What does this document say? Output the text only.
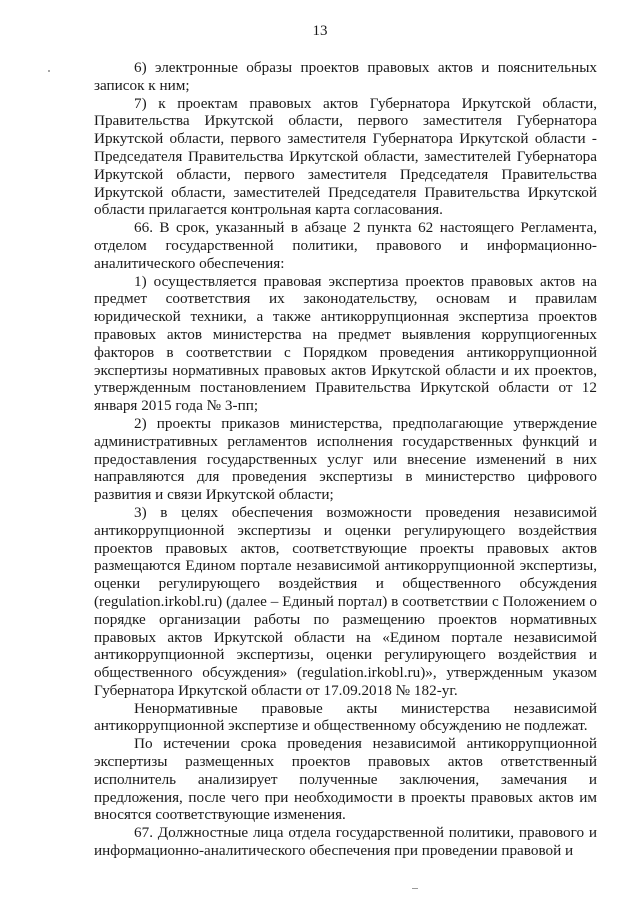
13

6) электронные образы проектов правовых актов и пояснительных записок к ним;

7) к проектам правовых актов Губернатора Иркутской области, Правительства Иркутской области, первого заместителя Губернатора Иркутской области, первого заместителя Губернатора Иркутской области - Председателя Правительства Иркутской области, заместителей Губернатора Иркутской области, первого заместителя Председателя Правительства Иркутской области, заместителей Председателя Правительства Иркутской области прилагается контрольная карта согласования.

66. В срок, указанный в абзаце 2 пункта 62 настоящего Регламента, отделом государственной политики, правового и информационно-аналитического обеспечения:

1) осуществляется правовая экспертиза проектов правовых актов на предмет соответствия их законодательству, основам и правилам юридической техники, а также антикоррупционная экспертиза проектов правовых актов министерства на предмет выявления коррупциогенных факторов в соответствии с Порядком проведения антикоррупционной экспертизы нормативных правовых актов Иркутской области и их проектов, утвержденным постановлением Правительства Иркутской области от 12 января 2015 года № 3-пп;

2) проекты приказов министерства, предполагающие утверждение административных регламентов исполнения государственных функций и предоставления государственных услуг или внесение изменений в них направляются для проведения экспертизы в министерство цифрового развития и связи Иркутской области;

3) в целях обеспечения возможности проведения независимой антикоррупционной экспертизы и оценки регулирующего воздействия проектов правовых актов, соответствующие проекты правовых актов размещаются Едином портале независимой антикоррупционной экспертизы, оценки регулирующего воздействия и общественного обсуждения (regulation.irkobl.ru) (далее – Единый портал) в соответствии с Положением о порядке организации работы по размещению проектов нормативных правовых актов Иркутской области на «Едином портале независимой антикоррупционной экспертизы, оценки регулирующего воздействия и общественного обсуждения» (regulation.irkobl.ru)», утвержденным указом Губернатора Иркутской области от 17.09.2018 № 182-уг.

Ненормативные правовые акты министерства независимой антикоррупционной экспертизе и общественному обсуждению не подлежат.

По истечении срока проведения независимой антикоррупционной экспертизы размещенных проектов правовых актов ответственный исполнитель анализирует полученные заключения, замечания и предложения, после чего при необходимости в проекты правовых актов им вносятся соответствующие изменения.

67. Должностные лица отдела государственной политики, правового и информационно-аналитического обеспечения при проведении правовой и
